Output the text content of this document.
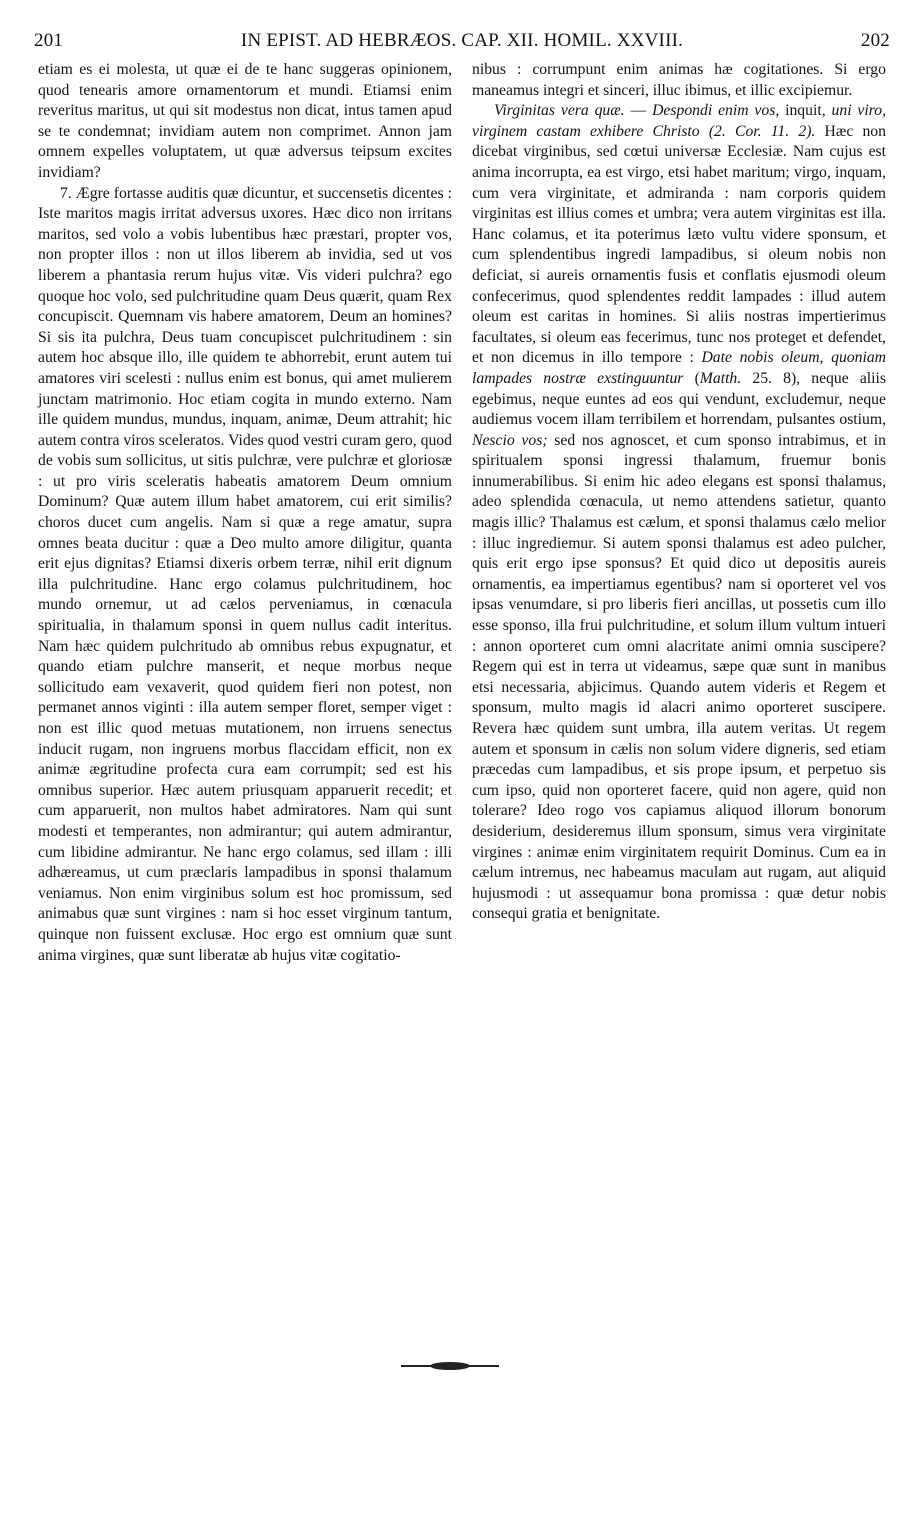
201	IN EPIST. AD HEBRÆOS. CAP. XII. HOMIL. XXVIII.	202

etiam es ei molesta, ut quæ ei de te hanc suggeras opinionem, quod tenearis amore ornamentorum et mundi. Etiamsi enim reveritus maritus, ut qui sit modestus non dicat, intus tamen apud se te condemnat; invidiam autem non comprimet. Annon jam omnem expelles voluptatem, ut quæ adversus teipsum excites invidiam?

7. Ægre fortasse auditis quæ dicuntur, et succensetis dicentes : Iste maritos magis irritat adversus uxores. Hæc dico non irritans maritos, sed volo a vobis lubentibus hæc præstari, propter vos, non propter illos : non ut illos liberem ab invidia, sed ut vos liberem a phantasia rerum hujus vitæ. Vis videri pulchra? ego quoque hoc volo, sed pulchritudine quam Deus quærit, quam Rex concupiscit. Quemnam vis habere amatorem, Deum an homines? Si sis ita pulchra, Deus tuam concupiscet pulchritudinem : sin autem hoc absque illo, ille quidem te abhorrebit, erunt autem tui amatores viri scelesti : nullus enim est bonus, qui amet mulierem junctam matrimonio. Hoc etiam cogita in mundo externo. Nam ille quidem mundus, mundus, inquam, animæ, Deum attrahit; hic autem contra viros sceleratos. Vides quod vestri curam gero, quod de vobis sum sollicitus, ut sitis pulchræ, vere pulchræ et gloriosæ : ut pro viris sceleratis habeatis amatorem Deum omnium Dominum? Quæ autem illum habet amatorem, cui erit similis? choros ducet cum angelis. Nam si quæ a rege amatur, supra omnes beata ducitur : quæ a Deo multo amore diligitur, quanta erit ejus dignitas? Etiamsi dixeris orbem terræ, nihil erit dignum illa pulchritudine. Hanc ergo colamus pulchritudinem, hoc mundo ornemur, ut ad cælos perveniamus, in cœnacula spiritualia, in thalamum sponsi in quem nullus cadit interitus. Nam hæc quidem pulchritudo ab omnibus rebus expugnatur, et quando etiam pulchre manserit, et neque morbus neque sollicitudo eam vexaverit, quod quidem fieri non potest, non permanet annos viginti : illa autem semper floret, semper viget : non est illic quod metuas mutationem, non irruens senectus inducit rugam, non ingruens morbus flaccidam efficit, non ex animæ ægritudine profecta cura eam corrumpit; sed est his omnibus superior. Hæc autem priusquam apparuerit recedit; et cum apparuerit, non multos habet admiratores. Nam qui sunt modesti et temperantes, non admirantur; qui autem admirantur, cum libidine admirantur. Ne hanc ergo colamus, sed illam : illi adhæreamus, ut cum præclaris lampadibus in sponsi thalamum veniamus. Non enim virginibus solum est hoc promissum, sed animabus quæ sunt virgines : nam si hoc esset virginum tantum, quinque non fuissent exclusæ. Hoc ergo est omnium quæ sunt anima virgines, quæ sunt liberatæ ab hujus vitæ cogitatio-

nibus : corrumpunt enim animas hæ cogitationes. Si ergo maneamus integri et sinceri, illuc ibimus, et illic excipiemur.

Virginitas vera quæ. — Despondi enim vos, inquit, uni viro, virginem castam exhibere Christo (2. Cor. 11. 2). Hæc non dicebat virginibus, sed cœtui universæ Ecclesiæ. Nam cujus est anima incorrupta, ea est virgo, etsi habet maritum; virgo, inquam, cum vera virginitate, et admiranda : nam corporis quidem virginitas est illius comes et umbra; vera autem virginitas est illa. Hanc colamus, et ita poterimus læto vultu videre sponsum, et cum splendentibus ingredi lampadibus, si oleum nobis non deficiat, si aureis ornamentis fusis et conflatis ejusmodi oleum confecerimus, quod splendentes reddit lampades : illud autem oleum est caritas in homines. Si aliis nostras impertierimus facultates, si oleum eas fecerimus, tunc nos proteget et defendet, et non dicemus in illo tempore : Date nobis oleum, quoniam lampades nostræ exstinguuntur (Matth. 25. 8), neque aliis egebimus, neque euntes ad eos qui vendunt, excludemur, neque audiemus vocem illam terribilem et horrendam, pulsantes ostium, Nescio vos; sed nos agnoscet, et cum sponso intrabimus, et in spiritualem sponsi ingressi thalamum, fruemur bonis innumerabilibus. Si enim hic adeo elegans est sponsi thalamus, adeo splendida cœnacula, ut nemo attendens satietur, quanto magis illic? Thalamus est cælum, et sponsi thalamus cælo melior : illuc ingrediemur. Si autem sponsi thalamus est adeo pulcher, quis erit ergo ipse sponsus? Et quid dico ut depositis aureis ornamentis, ea impertiamus egentibus? nam si oporteret vel vos ipsas venumdare, si pro liberis fieri ancillas, ut possetis cum illo esse sponso, illa frui pulchritudine, et solum illum vultum intueri : annon oporteret cum omni alacritate animi omnia suscipere? Regem qui est in terra ut videamus, sæpe quæ sunt in manibus etsi necessaria, abjicimus. Quando autem videris et Regem et sponsum, multo magis id alacri animo oporteret suscipere. Revera hæc quidem sunt umbra, illa autem veritas. Ut regem autem et sponsum in cælis non solum videre digneris, sed etiam præcedas cum lampadibus, et sis prope ipsum, et perpetuo sis cum ipso, quid non oporteret facere, quid non agere, quid non tolerare? Ideo rogo vos capiamus aliquod illorum bonorum desiderium, desideremus illum sponsum, simus vera virginitate virgines : animæ enim virginitatem requirit Dominus. Cum ea in cælum intremus, nec habeamus maculam aut rugam, aut aliquid hujusmodi : ut assequamur bona promissa : quæ detur nobis consequi gratia et benignitate.
